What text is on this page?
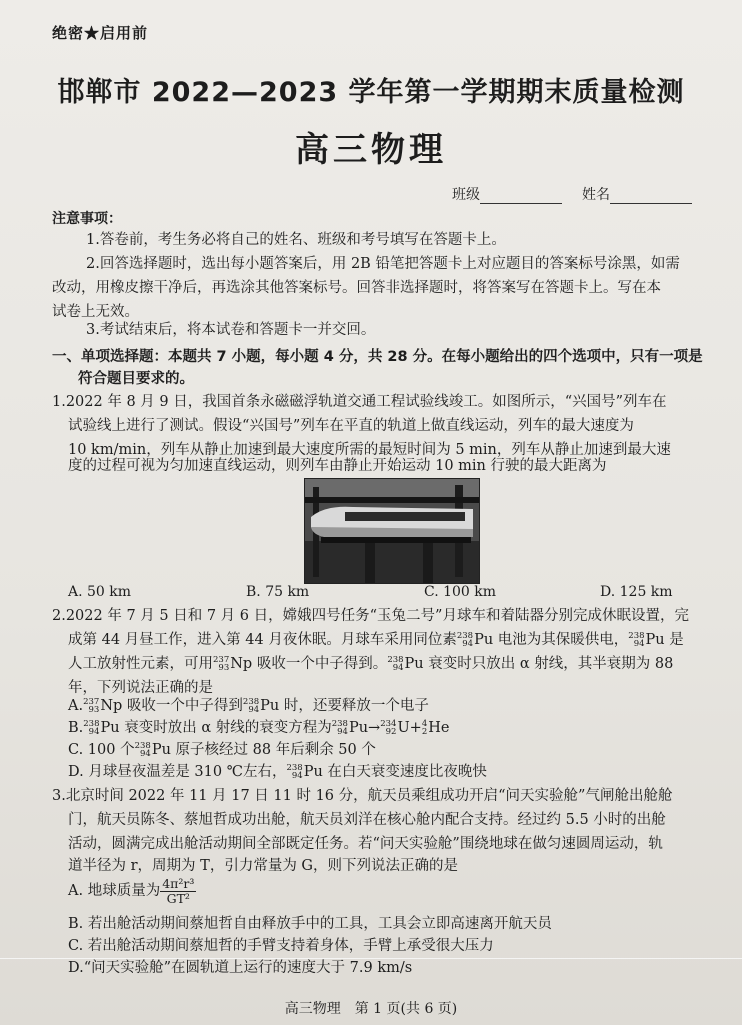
绝密★启用前
邯郸市 2022—2023 学年第一学期期末质量检测
高三物理
班级	姓名
注意事项：
1.答卷前，考生务必将自己的姓名、班级和考号填写在答题卡上。
2.回答选择题时，选出每小题答案后，用 2B 铅笔把答题卡上对应题目的答案标号涂黑，如需
改动，用橡皮擦干净后，再选涂其他答案标号。回答非选择题时，将答案写在答题卡上。写在本
试卷上无效。
3.考试结束后，将本试卷和答题卡一并交回。
一、单项选择题：本题共 7 小题，每小题 4 分，共 28 分。在每小题给出的四个选项中，只有一项是
符合题目要求的。
1.2022 年 8 月 9 日，我国首条永磁磁浮轨道交通工程试验线竣工。如图所示，“兴国号”列车在
试验线上进行了测试。假设“兴国号”列车在平直的轨道上做直线运动，列车的最大速度为
10 km/min，列车从静止加速到最大速度所需的最短时间为 5 min，列车从静止加速到最大速
度的过程可视为匀加速直线运动，则列车由静止开始运动 10 min 行驶的最大距离为
A. 50 km	B. 75 km	C. 100 km	D. 125 km
2.2022 年 7 月 5 日和 7 月 6 日，嫦娥四号任务“玉兔二号”月球车和着陆器分别完成休眠设置，完
成第 44 月昼工作，进入第 44 月夜休眠。月球车采用同位素 238
94 Pu 电池为其保暖供电， 238
94 Pu 是
人工放射性元素，可用 237
93 Np 吸收一个中子得到。 238
94 Pu 衰变时只放出 α 射线，其半衰期为 88
年，下列说法正确的是
A. 237
93 Np 吸收一个中子得到 238
94 Pu 时，还要释放一个电子
B. 238
94 Pu 衰变时放出 α 射线的衰变方程为 238
94 Pu→ 234
92 U+ 4
2 He
C. 100 个 238
94 Pu 原子核经过 88 年后剩余 50 个
D. 月球昼夜温差是 310 ℃左右， 238
94 Pu 在白天衰变速度比夜晚快
3.北京时间 2022 年 11 月 17 日 11 时 16 分，航天员乘组成功开启“问天实验舱”气闸舱出舱舱
门，航天员陈冬、蔡旭哲成功出舱，航天员刘洋在核心舱内配合支持。经过约 5.5 小时的出舱
活动，圆满完成出舱活动期间全部既定任务。若“问天实验舱”围绕地球在做匀速圆周运动，轨
道半径为 r，周期为 T，引力常量为 G，则下列说法正确的是
A. 地球质量为 $\frac{\text{4π²r³}}{\text{GT²}}$
B. 若出舱活动期间蔡旭哲自由释放手中的工具，工具会立即高速离开航天员
C. 若出舱活动期间蔡旭哲的手臂支持着身体，手臂上承受很大压力
D.“问天实验舱”在圆轨道上运行的速度大于 7.9 km/s
高三物理　第 1 页(共 6 页)
